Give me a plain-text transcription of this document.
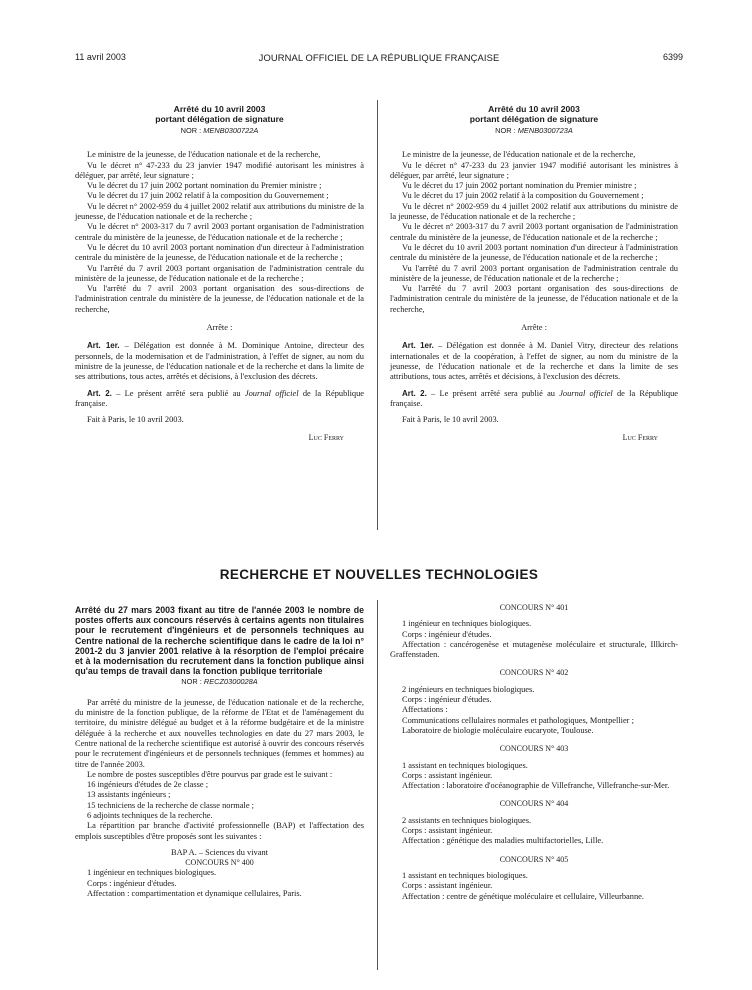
11 avril 2003	JOURNAL OFFICIEL DE LA RÉPUBLIQUE FRANÇAISE	6399

Arrêté du 10 avril 2003

portant délégation de signature

NOR : MENB0300722A

Le ministre de la jeunesse, de l'éducation nationale et de la recherche,

Vu le décret n° 47-233 du 23 janvier 1947 modifié autorisant les ministres à déléguer, par arrêté, leur signature ;

Vu le décret du 17 juin 2002 portant nomination du Premier ministre ;

Vu le décret du 17 juin 2002 relatif à la composition du Gouvernement ;

Vu le décret n° 2002-959 du 4 juillet 2002 relatif aux attributions du ministre de la jeunesse, de l'éducation nationale et de la recherche ;

Vu le décret n° 2003-317 du 7 avril 2003 portant organisation de l'administration centrale du ministère de la jeunesse, de l'éducation nationale et de la recherche ;

Vu le décret du 10 avril 2003 portant nomination d'un directeur à l'administration centrale du ministère de la jeunesse, de l'éducation nationale et de la recherche ;

Vu l'arrêté du 7 avril 2003 portant organisation de l'administration centrale du ministère de la jeunesse, de l'éducation nationale et de la recherche ;

Vu l'arrêté du 7 avril 2003 portant organisation des sous-directions de l'administration centrale du ministère de la jeunesse, de l'éducation nationale et de la recherche,

Arrête :

Art. 1er. – Délégation est donnée à M. Dominique Antoine, directeur des personnels, de la modernisation et de l'administration, à l'effet de signer, au nom du ministre de la jeunesse, de l'éducation nationale et de la recherche et dans la limite de ses attributions, tous actes, arrêtés et décisions, à l'exclusion des décrets.

Art. 2. – Le présent arrêté sera publié au Journal officiel de la République française.

Fait à Paris, le 10 avril 2003.

Luc Ferry

Arrêté du 10 avril 2003

portant délégation de signature

NOR : MENB0300723A

Le ministre de la jeunesse, de l'éducation nationale et de la recherche,

Vu le décret n° 47-233 du 23 janvier 1947 modifié autorisant les ministres à déléguer, par arrêté, leur signature ;

Vu le décret du 17 juin 2002 portant nomination du Premier ministre ;

Vu le décret du 17 juin 2002 relatif à la composition du Gouvernement ;

Vu le décret n° 2002-959 du 4 juillet 2002 relatif aux attributions du ministre de la jeunesse, de l'éducation nationale et de la recherche ;

Vu le décret n° 2003-317 du 7 avril 2003 portant organisation de l'administration centrale du ministère de la jeunesse, de l'éducation nationale et de la recherche ;

Vu le décret du 10 avril 2003 portant nomination d'un directeur à l'administration centrale du ministère de la jeunesse, de l'éducation nationale et de la recherche ;

Vu l'arrêté du 7 avril 2003 portant organisation de l'administration centrale du ministère de la jeunesse, de l'éducation nationale et de la recherche ;

Vu l'arrêté du 7 avril 2003 portant organisation des sous-directions de l'administration centrale du ministère de la jeunesse, de l'éducation nationale et de la recherche,

Arrête :

Art. 1er. – Délégation est donnée à M. Daniel Vitry, directeur des relations internationales et de la coopération, à l'effet de signer, au nom du ministre de la jeunesse, de l'éducation nationale et de la recherche et dans la limite de ses attributions, tous actes, arrêtés et décisions, à l'exclusion des décrets.

Art. 2. – Le présent arrêté sera publié au Journal officiel de la République française.

Fait à Paris, le 10 avril 2003.

Luc Ferry

RECHERCHE ET NOUVELLES TECHNOLOGIES

Arrêté du 27 mars 2003 fixant au titre de l'année 2003 le nombre de postes offerts aux concours réservés à certains agents non titulaires pour le recrutement d'ingénieurs et de personnels techniques au Centre national de la recherche scientifique dans le cadre de la loi n° 2001-2 du 3 janvier 2001 relative à la résorption de l'emploi précaire et à la modernisation du recrutement dans la fonction publique ainsi qu'au temps de travail dans la fonction publique territoriale

NOR : RECZ0300028A

Par arrêté du ministre de la jeunesse, de l'éducation nationale et de la recherche, du ministre de la fonction publique, de la réforme de l'Etat et de l'aménagement du territoire, du ministre délégué au budget et à la réforme budgétaire et de la ministre déléguée à la recherche et aux nouvelles technologies en date du 27 mars 2003, le Centre national de la recherche scientifique est autorisé à ouvrir des concours réservés pour le recrutement d'ingénieurs et de personnels techniques (femmes et hommes) au titre de l'année 2003.

Le nombre de postes susceptibles d'être pourvus par grade est le suivant :

16 ingénieurs d'études de 2e classe ;

13 assistants ingénieurs ;

15 techniciens de la recherche de classe normale ;

6 adjoints techniques de la recherche.

La répartition par branche d'activité professionnelle (BAP) et l'affectation des emplois susceptibles d'être proposés sont les suivantes :

BAP A. – Sciences du vivant

CONCOURS N° 400

1 ingénieur en techniques biologiques.

Corps : ingénieur d'études.

Affectation : compartimentation et dynamique cellulaires, Paris.

CONCOURS N° 401

1 ingénieur en techniques biologiques.

Corps : ingénieur d'études.

Affectation : cancérogenèse et mutagenèse moléculaire et structurale, Illkirch-Graffenstaden.

CONCOURS N° 402

2 ingénieurs en techniques biologiques.

Corps : ingénieur d'études.

Affectations :

Communications cellulaires normales et pathologiques, Montpellier ;

Laboratoire de biologie moléculaire eucaryote, Toulouse.

CONCOURS N° 403

1 assistant en techniques biologiques.

Corps : assistant ingénieur.

Affectation : laboratoire d'océanographie de Villefranche, Villefranche-sur-Mer.

CONCOURS N° 404

2 assistants en techniques biologiques.

Corps : assistant ingénieur.

Affectation : génétique des maladies multifactorielles, Lille.

CONCOURS N° 405

1 assistant en techniques biologiques.

Corps : assistant ingénieur.

Affectation : centre de génétique moléculaire et cellulaire, Villeurbanne.
